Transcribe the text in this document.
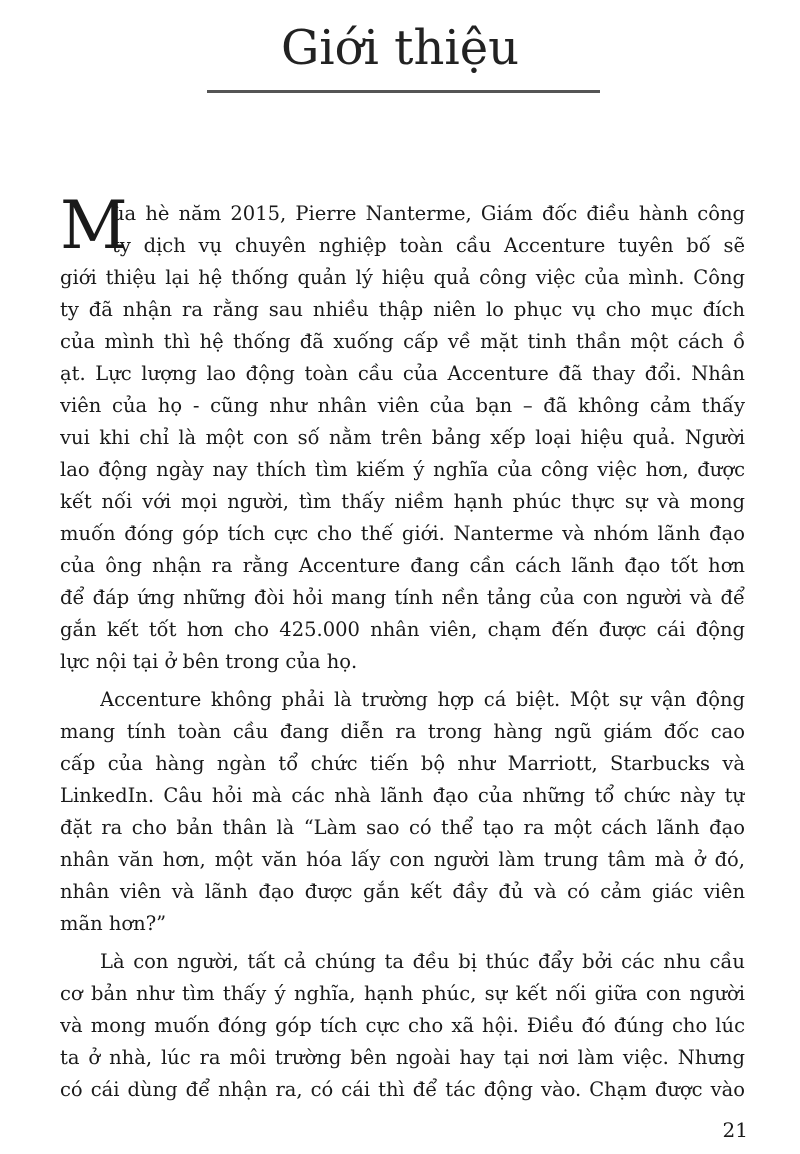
Giới thiệu
M
ùa hè năm 2015, Pierre Nanterme, Giám đốc điều hành công
ty dịch vụ chuyên nghiệp toàn cầu Accenture tuyên bố sẽ
giới thiệu lại hệ thống quản lý hiệu quả công việc của mình. Công
ty đã nhận ra rằng sau nhiều thập niên lo phục vụ cho mục đích
của mình thì hệ thống đã xuống cấp về mặt tinh thần một cách ồ
ạt. Lực lượng lao động toàn cầu của Accenture đã thay đổi. Nhân
viên của họ - cũng như nhân viên của bạn – đã không cảm thấy
vui khi chỉ là một con số nằm trên bảng xếp loại hiệu quả. Người
lao động ngày nay thích tìm kiếm ý nghĩa của công việc hơn, được
kết nối với mọi người, tìm thấy niềm hạnh phúc thực sự và mong
muốn đóng góp tích cực cho thế giới. Nanterme và nhóm lãnh đạo
của ông nhận ra rằng Accenture đang cần cách lãnh đạo tốt hơn
để đáp ứng những đòi hỏi mang tính nền tảng của con người và để
gắn kết tốt hơn cho 425.000 nhân viên, chạm đến được cái động
lực nội tại ở bên trong của họ.
Accenture không phải là trường hợp cá biệt. Một sự vận động
mang tính toàn cầu đang diễn ra trong hàng ngũ giám đốc cao
cấp của hàng ngàn tổ chức tiến bộ như Marriott, Starbucks và
LinkedIn. Câu hỏi mà các nhà lãnh đạo của những tổ chức này tự
đặt ra cho bản thân là “Làm sao có thể tạo ra một cách lãnh đạo
nhân văn hơn, một văn hóa lấy con người làm trung tâm mà ở đó,
nhân viên và lãnh đạo được gắn kết đầy đủ và có cảm giác viên
mãn hơn?”
Là con người, tất cả chúng ta đều bị thúc đẩy bởi các nhu cầu
cơ bản như tìm thấy ý nghĩa, hạnh phúc, sự kết nối giữa con người
và mong muốn đóng góp tích cực cho xã hội. Điều đó đúng cho lúc
ta ở nhà, lúc ra môi trường bên ngoài hay tại nơi làm việc. Nhưng
có cái dùng để nhận ra, có cái thì để tác động vào. Chạm được vào
21
